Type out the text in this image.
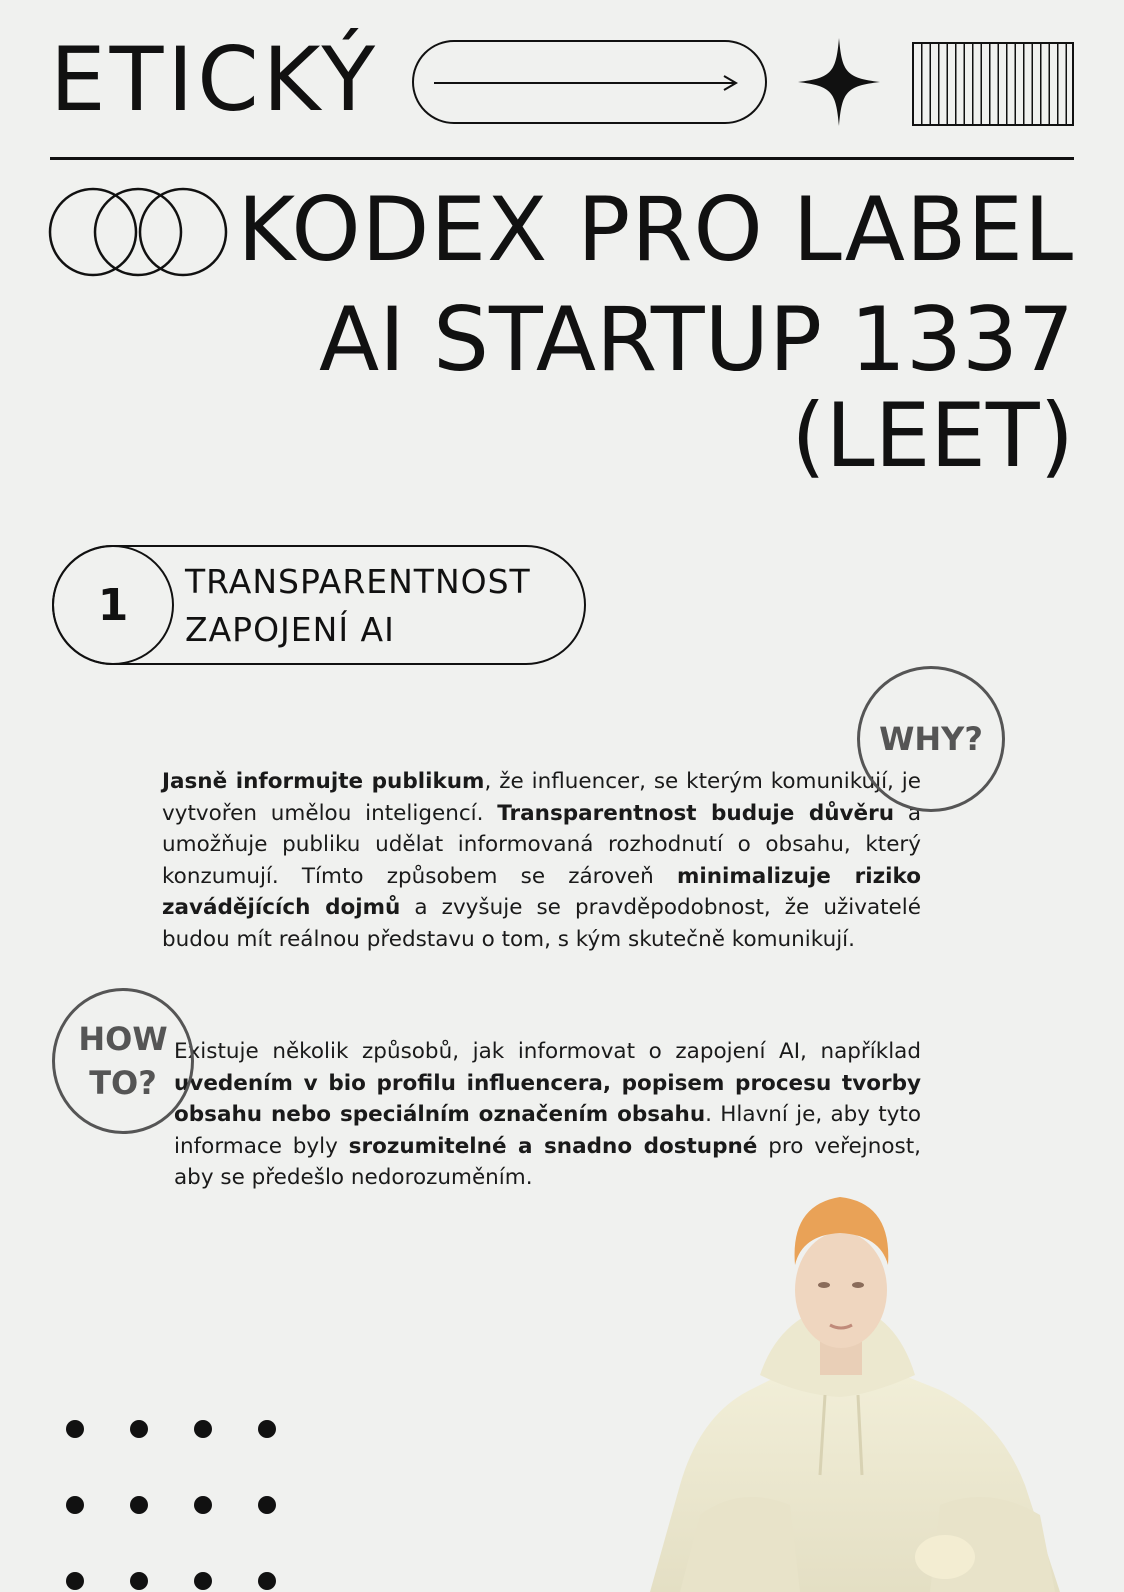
ETICKÝ
KODEX PRO LABEL
AI STARTUP 1337
(LEET)
1	TRANSPARENTNOST
ZAPOJENÍ AI
Jasně informujte publikum, že influencer, se kterým komunikují, je vytvořen umělou inteligencí. Transparentnost buduje důvěru a umožňuje publiku udělat informovaná rozhodnutí o obsahu, který konzumují. Tímto způsobem se zároveň minimalizuje riziko zavádějících dojmů a zvyšuje se pravděpodobnost, že uživatelé budou mít reálnou představu o tom, s kým skutečně komunikují.
WHY?
Existuje několik způsobů, jak informovat o zapojení AI, například uvedením v bio profilu influencera, popisem procesu tvorby obsahu nebo speciálním označením obsahu. Hlavní je, aby tyto informace byly srozumitelné a snadno dostupné pro veřejnost, aby se předešlo nedorozuměním.
HOW
TO?
